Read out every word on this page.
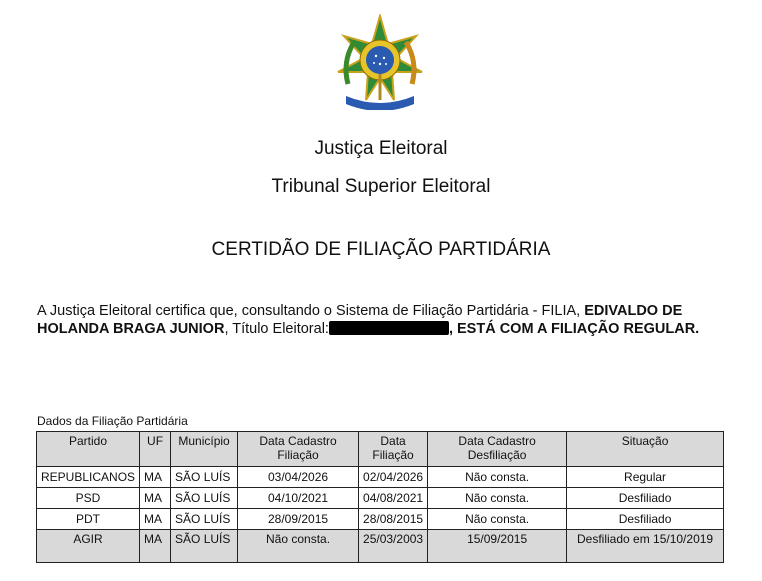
Justiça Eleitoral
Tribunal Superior Eleitoral
CERTIDÃO DE FILIAÇÃO PARTIDÁRIA
A Justiça Eleitoral certifica que, consultando o Sistema de Filiação Partidária - FILIA, EDIVALDO DE HOLANDA BRAGA JUNIOR, Título Eleitoral:	, ESTÁ COM A FILIAÇÃO REGULAR.
Dados da Filiação Partidária
Partido	UF	Município	Data Cadastro Filiação	Data Filiação	Data Cadastro Desfiliação	Situação
REPUBLICANOS	MA	SÃO LUÍS	03/04/2026	02/04/2026	Não consta.	Regular
PSD	MA	SÃO LUÍS	04/10/2021	04/08/2021	Não consta.	Desfiliado
PDT	MA	SÃO LUÍS	28/09/2015	28/08/2015	Não consta.	Desfiliado
AGIR	MA	SÃO LUÍS	Não consta.	25/03/2003	15/09/2015	Desfiliado em 15/10/2019
